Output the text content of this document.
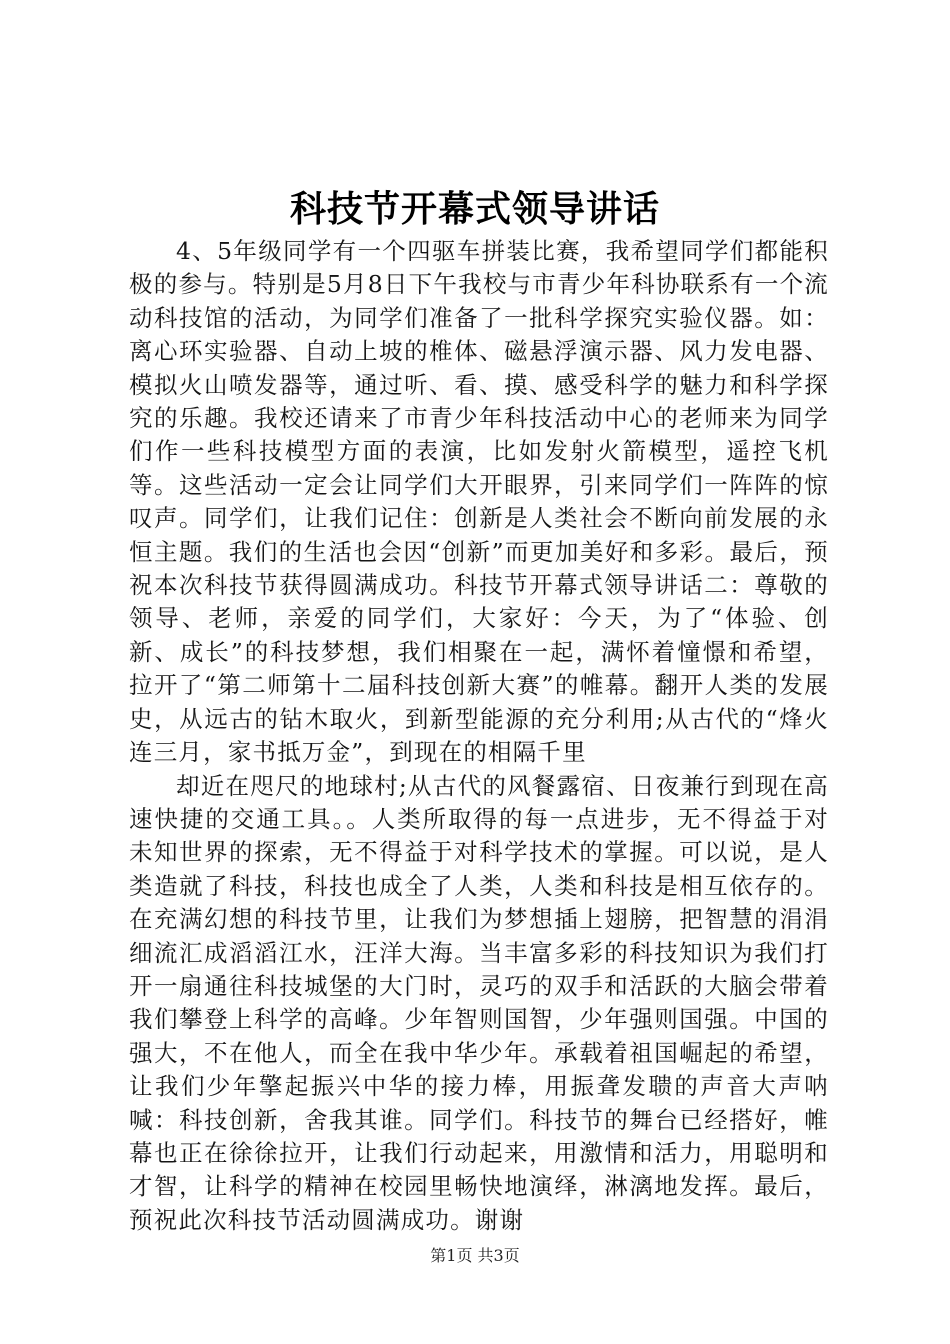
科技节开幕式领导讲话

4、5年级同学有一个四驱车拼装比赛，我希望同学们都能积极的参与。特别是5月8日下午我校与市青少年科协联系有一个流动科技馆的活动，为同学们准备了一批科学探究实验仪器。如：离心环实验器、自动上坡的椎体、磁悬浮演示器、风力发电器、模拟火山喷发器等，通过听、看、摸、感受科学的魅力和科学探究的乐趣。我校还请来了市青少年科技活动中心的老师来为同学们作一些科技模型方面的表演，比如发射火箭模型，遥控飞机等。这些活动一定会让同学们大开眼界，引来同学们一阵阵的惊叹声。同学们，让我们记住：创新是人类社会不断向前发展的永恒主题。我们的生活也会因“创新”而更加美好和多彩。最后，预祝本次科技节获得圆满成功。科技节开幕式领导讲话二：尊敬的领导、老师，亲爱的同学们，大家好：今天，为了“体验、创新、成长”的科技梦想，我们相聚在一起，满怀着憧憬和希望，拉开了“第二师第十二届科技创新大赛”的帷幕。翻开人类的发展史，从远古的钻木取火，到新型能源的充分利用;从古代的“烽火连三月，家书抵万金”，到现在的相隔千里

却近在咫尺的地球村;从古代的风餐露宿、日夜兼行到现在高速快捷的交通工具。。人类所取得的每一点进步，无不得益于对未知世界的探索，无不得益于对科学技术的掌握。可以说，是人类造就了科技，科技也成全了人类，人类和科技是相互依存的。在充满幻想的科技节里，让我们为梦想插上翅膀，把智慧的涓涓细流汇成滔滔江水，汪洋大海。当丰富多彩的科技知识为我们打开一扇通往科技城堡的大门时，灵巧的双手和活跃的大脑会带着我们攀登上科学的高峰。少年智则国智，少年强则国强。中国的强大，不在他人，而全在我中华少年。承载着祖国崛起的希望，让我们少年擎起振兴中华的接力棒，用振聋发聩的声音大声呐喊：科技创新，舍我其谁。同学们。科技节的舞台已经搭好，帷幕也正在徐徐拉开，让我们行动起来，用激情和活力，用聪明和才智，让科学的精神在校园里畅快地演绎，淋漓地发挥。最后，预祝此次科技节活动圆满成功。谢谢

第1页 共3页
